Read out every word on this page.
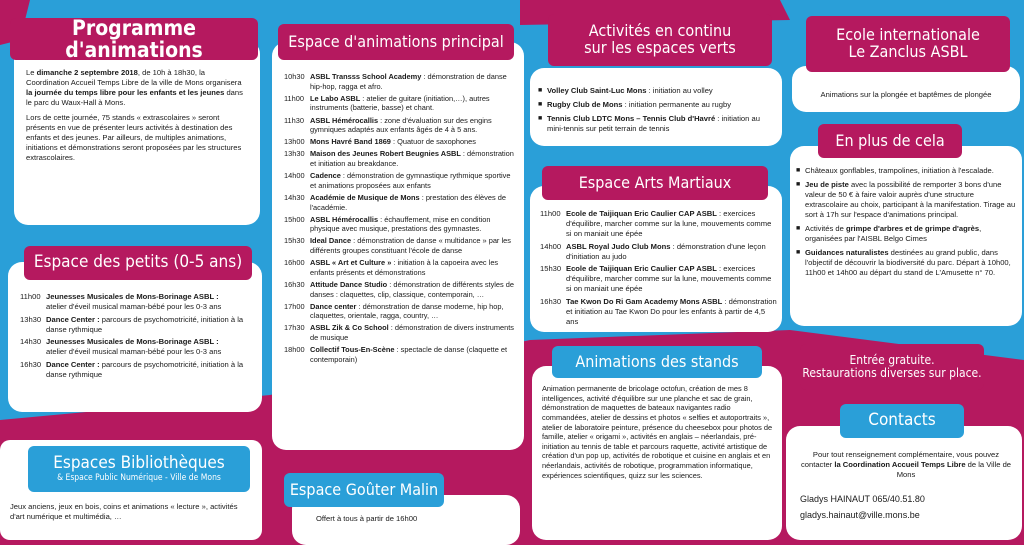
Programme d'animations

Le dimanche 2 septembre 2018, de 10h à 18h30, la Coordination Accueil Temps Libre de la ville de Mons organisera la journée du temps libre pour les enfants et les jeunes dans le parc du Waux-Hall à Mons.

Lors de cette journée, 75 stands « extrascolaires » seront présents en vue de présenter leurs activités à destination des enfants et des jeunes. Par ailleurs, de multiples animations, initiations et démonstrations seront proposées par les structures extrascolaires.

Espace des petits (0-5 ans)
11h00 Jeunesses Musicales de Mons-Borinage ASBL :
atelier d'éveil musical maman-bébé pour les 0-3 ans
13h30 Dance Center : parcours de psychomotricité, initiation à la danse rythmique
14h30 Jeunesses Musicales de Mons-Borinage ASBL :
atelier d'éveil musical maman-bébé pour les 0-3 ans
16h30 Dance Center : parcours de psychomotricité, initiation à la danse rythmique
Espaces Bibliothèques
& Espace Public Numérique - Ville de Mons
Jeux anciens, jeux en bois, coins et animations « lecture », activités d'art numérique et multimédia, …
Espace d'animations principal
10h30 ASBL Transss School Academy : démonstration de danse hip-hop, ragga et afro.
11h00 Le Labo ASBL : atelier de guitare (initiation,…), autres instruments (batterie, basse) et chant.
11h30 ASBL Hémérocallis : zone d'évaluation sur des engins gymniques adaptés aux enfants âgés de 4 à 5 ans.
13h00 Mons Havré Band 1869 : Quatuor de saxophones
13h30 Maison des Jeunes Robert Beugnies ASBL : démonstration et initiation au breakdance.
14h00 Cadence : démonstration de gymnastique rythmique sportive et animations proposées aux enfants
14h30 Académie de Musique de Mons : prestation des élèves de l'académie.
15h00 ASBL Hémérocallis : échauffement, mise en condition physique avec musique, prestations des gymnastes.
15h30 Ideal Dance : démonstration de danse « multidance » par les différents groupes constituant l'école de danse
16h00 ASBL « Art et Culture » : initiation à la capoeira avec les enfants présents et démonstrations
16h30 Attitude Dance Studio : démonstration de différents styles de danses : claquettes, clip, classique, contemporain, …
17h00 Dance center : démonstration de danse moderne, hip hop, claquettes, orientale, ragga, country, …
17h30 ASBL Zik & Co School : démonstration de divers instruments de musique
18h00 Collectif Tous-En-Scène : spectacle de danse (claquette et contemporain)
Espace Goûter Malin
Offert à tous à partir de 16h00
Activités en continu
sur les espaces verts
■ Volley Club Saint-Luc Mons : initiation au volley
■ Rugby Club de Mons : initiation permanente au rugby
■ Tennis Club LDTC Mons – Tennis Club d'Havré : initiation au mini-tennis sur petit terrain de tennis
Espace Arts Martiaux
11h00 Ecole de Taijiquan Eric Caulier CAP ASBL : exercices d'équilibre, marcher comme sur la lune, mouvements comme si on maniait une épée
14h00 ASBL Royal Judo Club Mons : démonstration d'une leçon d'initiation au judo
15h30 Ecole de Taijiquan Eric Caulier CAP ASBL : exercices d'équilibre, marcher comme sur la lune, mouvements comme si on maniait une épée
16h30 Tae Kwon Do Ri Gam Academy Mons ASBL : démonstration et initiation au Tae Kwon Do pour les enfants à partir de 4,5 ans
Animations des stands
Animation permanente de bricolage octofun, création de mes 8 intelligences, activité d'équilibre sur une planche et sac de grain, démonstration de maquettes de bateaux navigantes radio commandées, atelier de dessins et photos « selfies et autoportraits », atelier de laboratoire peinture, présence du cheesebox pour photos de famille, atelier « origami », activités en anglais – néerlandais, pré-initiation au tennis de table et parcours raquette, activité artistique de création d'un pop up, activités de robotique et cuisine en anglais et en néerlandais, activités de robotique, programmation informatique, expériences scientifiques, quizz sur les sciences.
Ecole internationale
Le Zanclus ASBL
Animations sur la plongée et baptêmes de plongée
En plus de cela
■ Châteaux gonflables, trampolines, initiation à l'escalade.
■ Jeu de piste avec la possibilité de remporter 3 bons d'une valeur de 50 € à faire valoir auprès d'une structure extrascolaire au choix, participant à la manifestation. Tirage au sort à 17h sur l'espace d'animations principal.
■ Activités de grimpe d'arbres et de grimpe d'agrès, organisées par l'AISBL Belgo Cimes
■ Guidances naturalistes destinées au grand public, dans l'objectif de découvrir la biodiversité du parc. Départ à 10h00, 11h00 et 14h00 au départ du stand de L'Amusette n° 70.
Entrée gratuite.
Restaurations diverses sur place.
Contacts

Pour tout renseignement complémentaire, vous pouvez contacter la Coordination Accueil Temps Libre de la Ville de Mons

Gladys HAINAUT 065/40.51.80
gladys.hainaut@ville.mons.be
